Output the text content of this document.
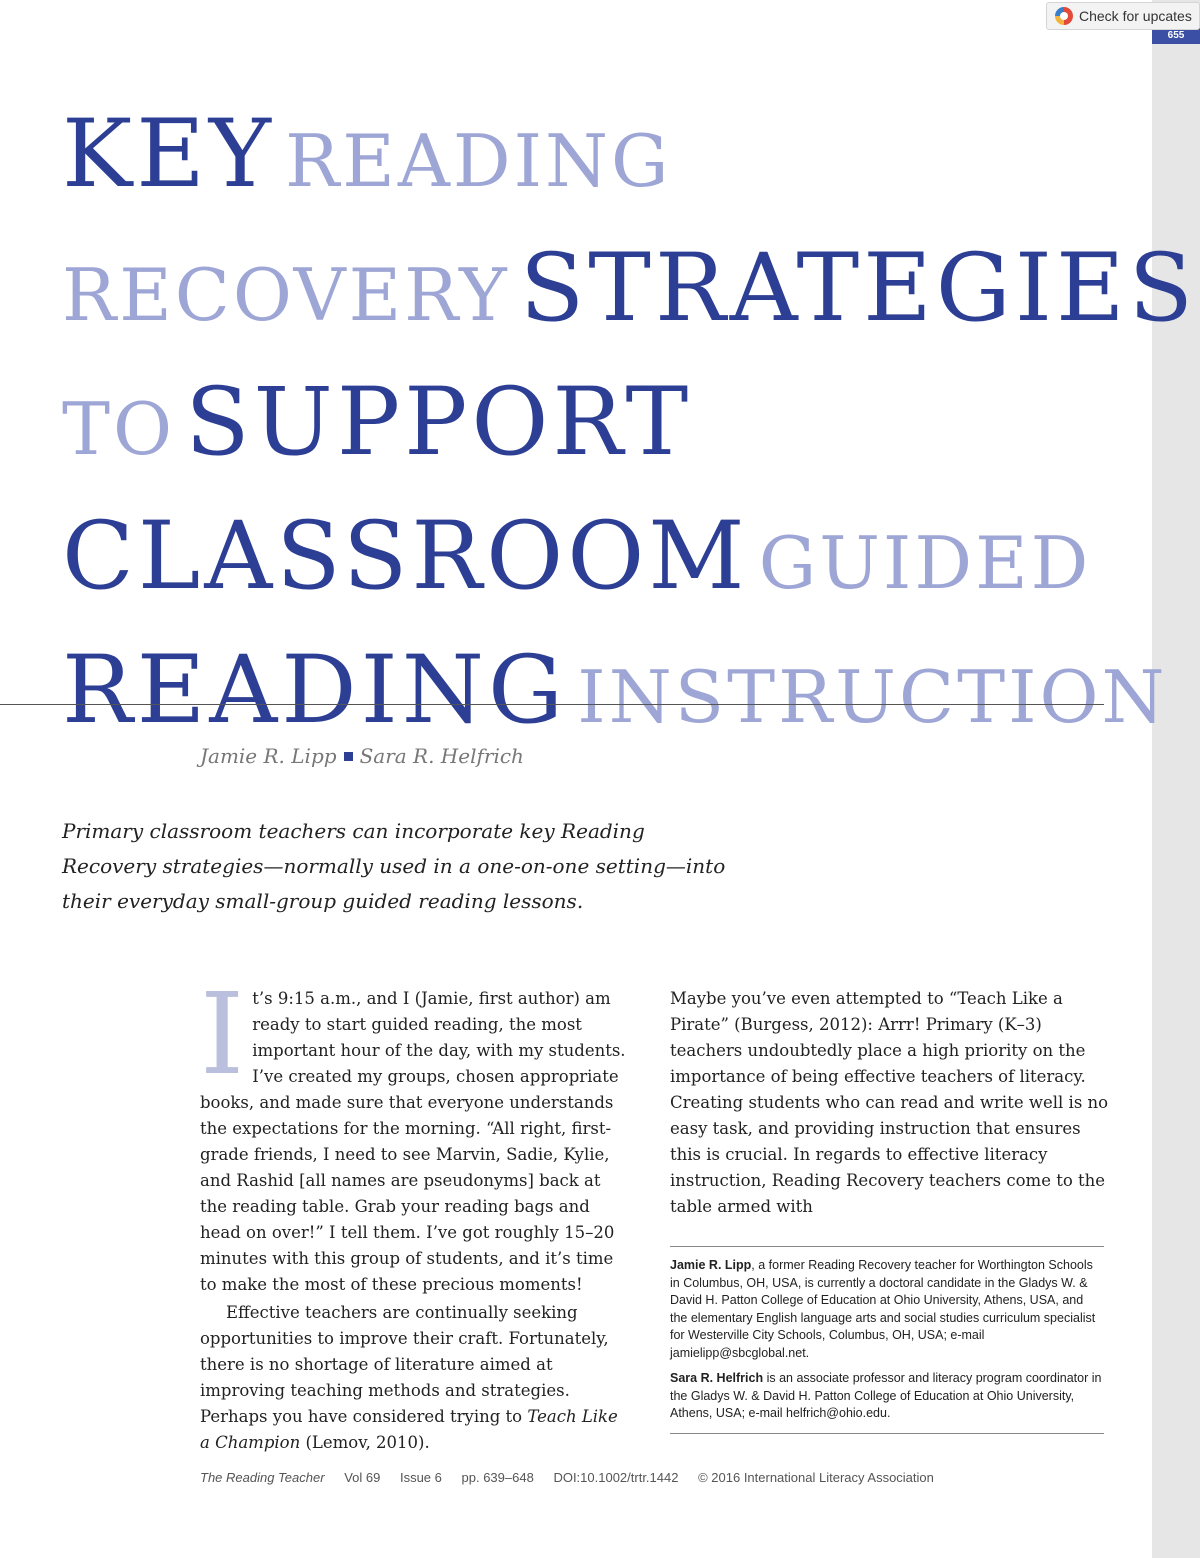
655
Check for upcates
KEY READING
RECOVERY STRATEGIES
TO SUPPORT
CLASSROOM GUIDED
READING INSTRUCTION
Jamie R. Lipp Sara R. Helfrich

Primary classroom teachers can incorporate key Reading Recovery strategies—normally used in a one-on-one setting—into their everyday small-group guided reading lessons.

It’s 9:15 a.m., and I (Jamie, first author) am ready to start guided reading, the most important hour of the day, with my students. I’ve created my groups, chosen appropriate books, and made sure that everyone understands the expectations for the morning. “All right, first-grade friends, I need to see Marvin, Sadie, Kylie, and Rashid [all names are pseudonyms] back at the reading table. Grab your reading bags and head on over!” I tell them. I’ve got roughly 15–20 minutes with this group of students, and it’s time to make the most of these precious moments!

Effective teachers are continually seeking opportunities to improve their craft. Fortunately, there is no shortage of literature aimed at improving teaching methods and strategies. Perhaps you have considered trying to Teach Like a Champion (Lemov, 2010).

Maybe you’ve even attempted to “Teach Like a Pirate” (Burgess, 2012): Arrr! Primary (K–3) teachers undoubtedly place a high priority on the importance of being effective teachers of literacy. Creating students who can read and write well is no easy task, and providing instruction that ensures this is crucial. In regards to effective literacy instruction, Reading Recovery teachers come to the table armed with

Jamie R. Lipp, a former Reading Recovery teacher for Worthington Schools in Columbus, OH, USA, is currently a doctoral candidate in the Gladys W. & David H. Patton College of Education at Ohio University, Athens, USA, and the elementary English language arts and social studies curriculum specialist for Westerville City Schools, Columbus, OH, USA; e-mail jamielipp@sbcglobal.net.

Sara R. Helfrich is an associate professor and literacy program coordinator in the Gladys W. & David H. Patton College of Education at Ohio University, Athens, USA; e-mail helfrich@ohio.edu.

The Reading Teacher Vol 69 Issue 6 pp. 639–648 DOI:10.1002/trtr.1442 © 2016 International Literacy Association
